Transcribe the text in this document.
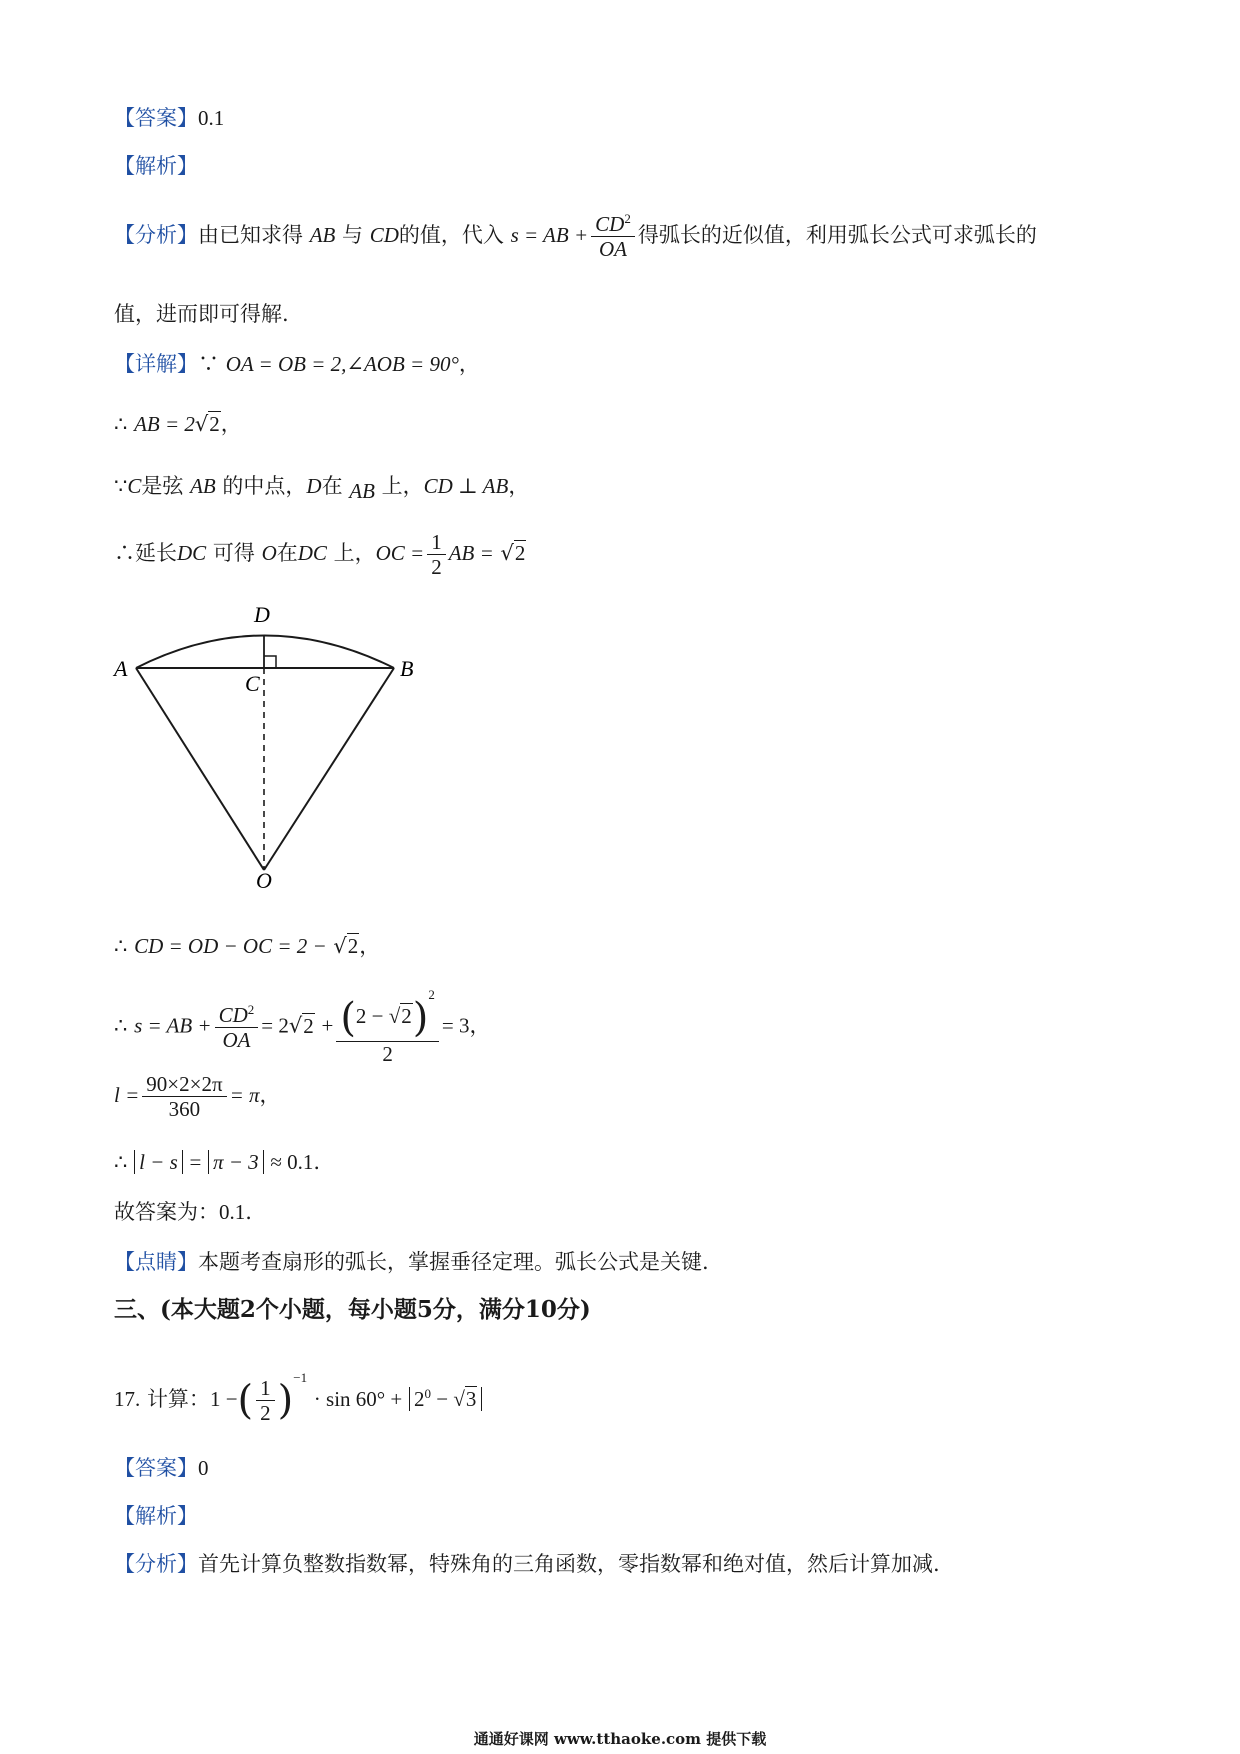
【答案】0.1
【解析】
【分析】由已知求得 AB 与 CD的值，代入 s = AB + $\frac{CD^2}{OA}$ 得弧长的近似值，利用弧长公式可求弧长的
值，进而即可得解.
【详解】∵ OA = OB = 2,∠AOB = 90°，
∴ AB = 2√2，
∵C是弦 AB 的中点，D在 AB 上，CD ⊥ AB，
∴延长DC 可得 O在DC 上，OC = $\frac{1}{2}$ AB = √2
D
A
C
B
O
∴ CD = OD − OC = 2 − √2，
∴ s = AB + $\frac{CD^2}{OA} = 2√2 + \frac{(2 - √2)^2}{2} = 3$，
$l = \frac{90\times 2\times 2\pi}{360} = \pi$，
∴ l − s = π − 3 ≈ 0.1.
故答案为：0.1.
【点睛】本题考查扇形的弧长，掌握垂径定理。弧长公式是关键.
三、(本大题2个小题，每小题5分，满分10分)
17. 计算：1 −( $\frac{1}{2} )^{-1} \cdot \sin 60^\circ + 2^0 - √3$
【答案】0
【解析】
【分析】首先计算负整数指数幂，特殊角的三角函数，零指数幂和绝对值，然后计算加减.
通通好课网 www.tthaoke.com 提供下载
